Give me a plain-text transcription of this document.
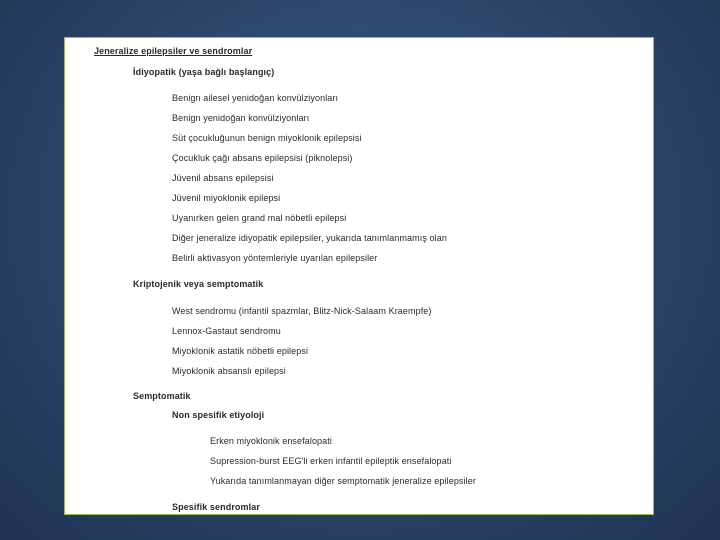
Jeneralize epilepsiler ve sendromlar
İdiyopatik (yaşa bağlı başlangıç)
Benign ailesel yenidoğan konvülziyonları
Benign yenidoğan konvülziyonları
Süt çocukluğunun benign miyoklonik epilepsisi
Çocukluk çağı absans epilepsisi (piknolepsi)
Jüvenil absans epilepsisi
Jüvenil miyoklonik epilepsi
Uyanırken gelen grand mal nöbetli epilepsi
Diğer jeneralize idiyopatik epilepsiler, yukarıda tanımlanmamış olan
Belirli aktivasyon yöntemleriyle uyarılan epilepsiler
Kriptojenik veya semptomatik
West sendromu (infantil spazmlar, Blitz-Nick-Salaam Kraempfe)
Lennox-Gastaut sendromu
Miyoklonik astatik nöbetli epilepsi
Miyoklonik absanslı epilepsi
Semptomatik
Non spesifik etiyoloji
Erken miyoklonik ensefalopati
Supression-burst EEG'li erken infantil epileptik ensefalopati
Yukarıda tanımlanmayan diğer semptomatik jeneralize epilepsiler
Spesifik sendromlar
